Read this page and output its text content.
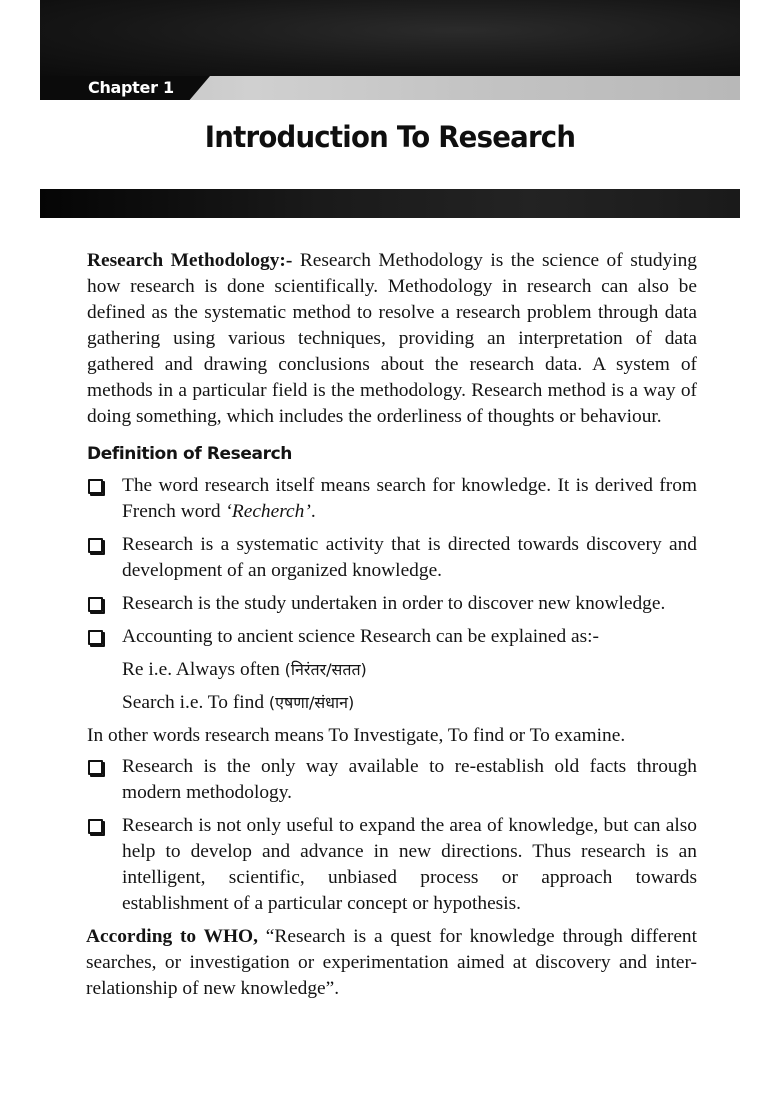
Chapter 1
Introduction To Research

Research Methodology:- Research Methodology is the science of studying how research is done scientifically. Methodology in research can also be defined as the systematic method to resolve a research problem through data gathering using various techniques, providing an interpretation of data gathered and drawing conclusions about the research data. A system of methods in a particular field is the methodology. Research method is a way of doing something, which includes the orderliness of thoughts or behaviour.

Definition of Research
The word research itself means search for knowledge. It is derived from French word ‘Recherch’.
Research is a systematic activity that is directed towards discovery and development of an organized knowledge.
Research is the study undertaken in order to discover new knowledge.
Accounting to ancient science Research can be explained as:-

Re i.e. Always often (निरंतर/सतत)

Search i.e. To find (एषणा/संधान)

In other words research means To Investigate, To find or To examine.

Research is the only way available to re-establish old facts through modern methodology.
Research is not only useful to expand the area of knowledge, but can also help to develop and advance in new directions. Thus research is an intelligent, scientific, unbiased process or approach towards establishment of a particular concept or hypothesis.

According to WHO, “Research is a quest for knowledge through different searches, or investigation or experimentation aimed at discovery and inter-relationship of new knowledge”.
